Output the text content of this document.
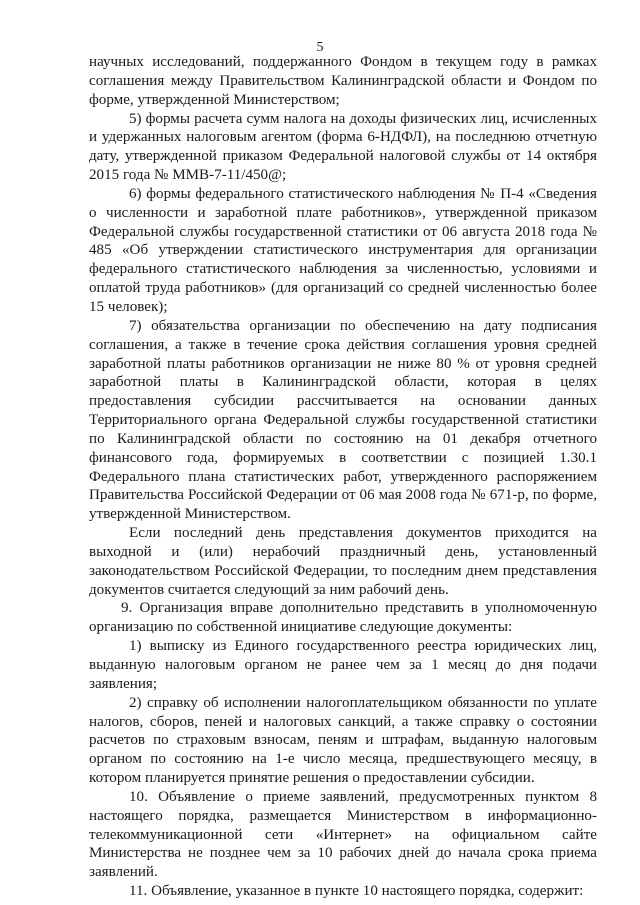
5

научных исследований, поддержанного Фондом в текущем году в рамках соглашения между Правительством Калининградской области и Фондом по форме, утвержденной Министерством;

5) формы расчета сумм налога на доходы физических лиц, исчисленных и удержанных налоговым агентом (форма 6-НДФЛ), на последнюю отчетную дату, утвержденной приказом Федеральной налоговой службы от 14 октября 2015 года № ММВ-7-11/450@;

6) формы федерального статистического наблюдения № П-4 «Сведения о численности и заработной плате работников», утвержденной приказом Федеральной службы государственной статистики от 06 августа 2018 года № 485 «Об утверждении статистического инструментария для организации федерального статистического наблюдения за численностью, условиями и оплатой труда работников» (для организаций со средней численностью более 15 человек);

7) обязательства организации по обеспечению на дату подписания соглашения, а также в течение срока действия соглашения уровня средней заработной платы работников организации не ниже 80 % от уровня средней заработной платы в Калининградской области, которая в целях предоставления субсидии рассчитывается на основании данных Территориального органа Федеральной службы государственной статистики по Калининградской области по состоянию на 01 декабря отчетного финансового года, формируемых в соответствии с позицией 1.30.1 Федерального плана статистических работ, утвержденного распоряжением Правительства Российской Федерации от 06 мая 2008 года № 671-р, по форме, утвержденной Министерством.

Если последний день представления документов приходится на выходной и (или) нерабочий праздничный день, установленный законодательством Российской Федерации, то последним днем представления документов считается следующий за ним рабочий день.

9. Организация вправе дополнительно представить в уполномоченную организацию по собственной инициативе следующие документы:

1) выписку из Единого государственного реестра юридических лиц, выданную налоговым органом не ранее чем за 1 месяц до дня подачи заявления;

2) справку об исполнении налогоплательщиком обязанности по уплате налогов, сборов, пеней и налоговых санкций, а также справку о состоянии расчетов по страховым взносам, пеням и штрафам, выданную налоговым органом по состоянию на 1-е число месяца, предшествующего месяцу, в котором планируется принятие решения о предоставлении субсидии.

10. Объявление о приеме заявлений, предусмотренных пунктом 8 настоящего порядка, размещается Министерством в информационно-телекоммуникационной сети «Интернет» на официальном сайте Министерства не позднее чем за 10 рабочих дней до начала срока приема заявлений.

11. Объявление, указанное в пункте 10 настоящего порядка, содержит:
